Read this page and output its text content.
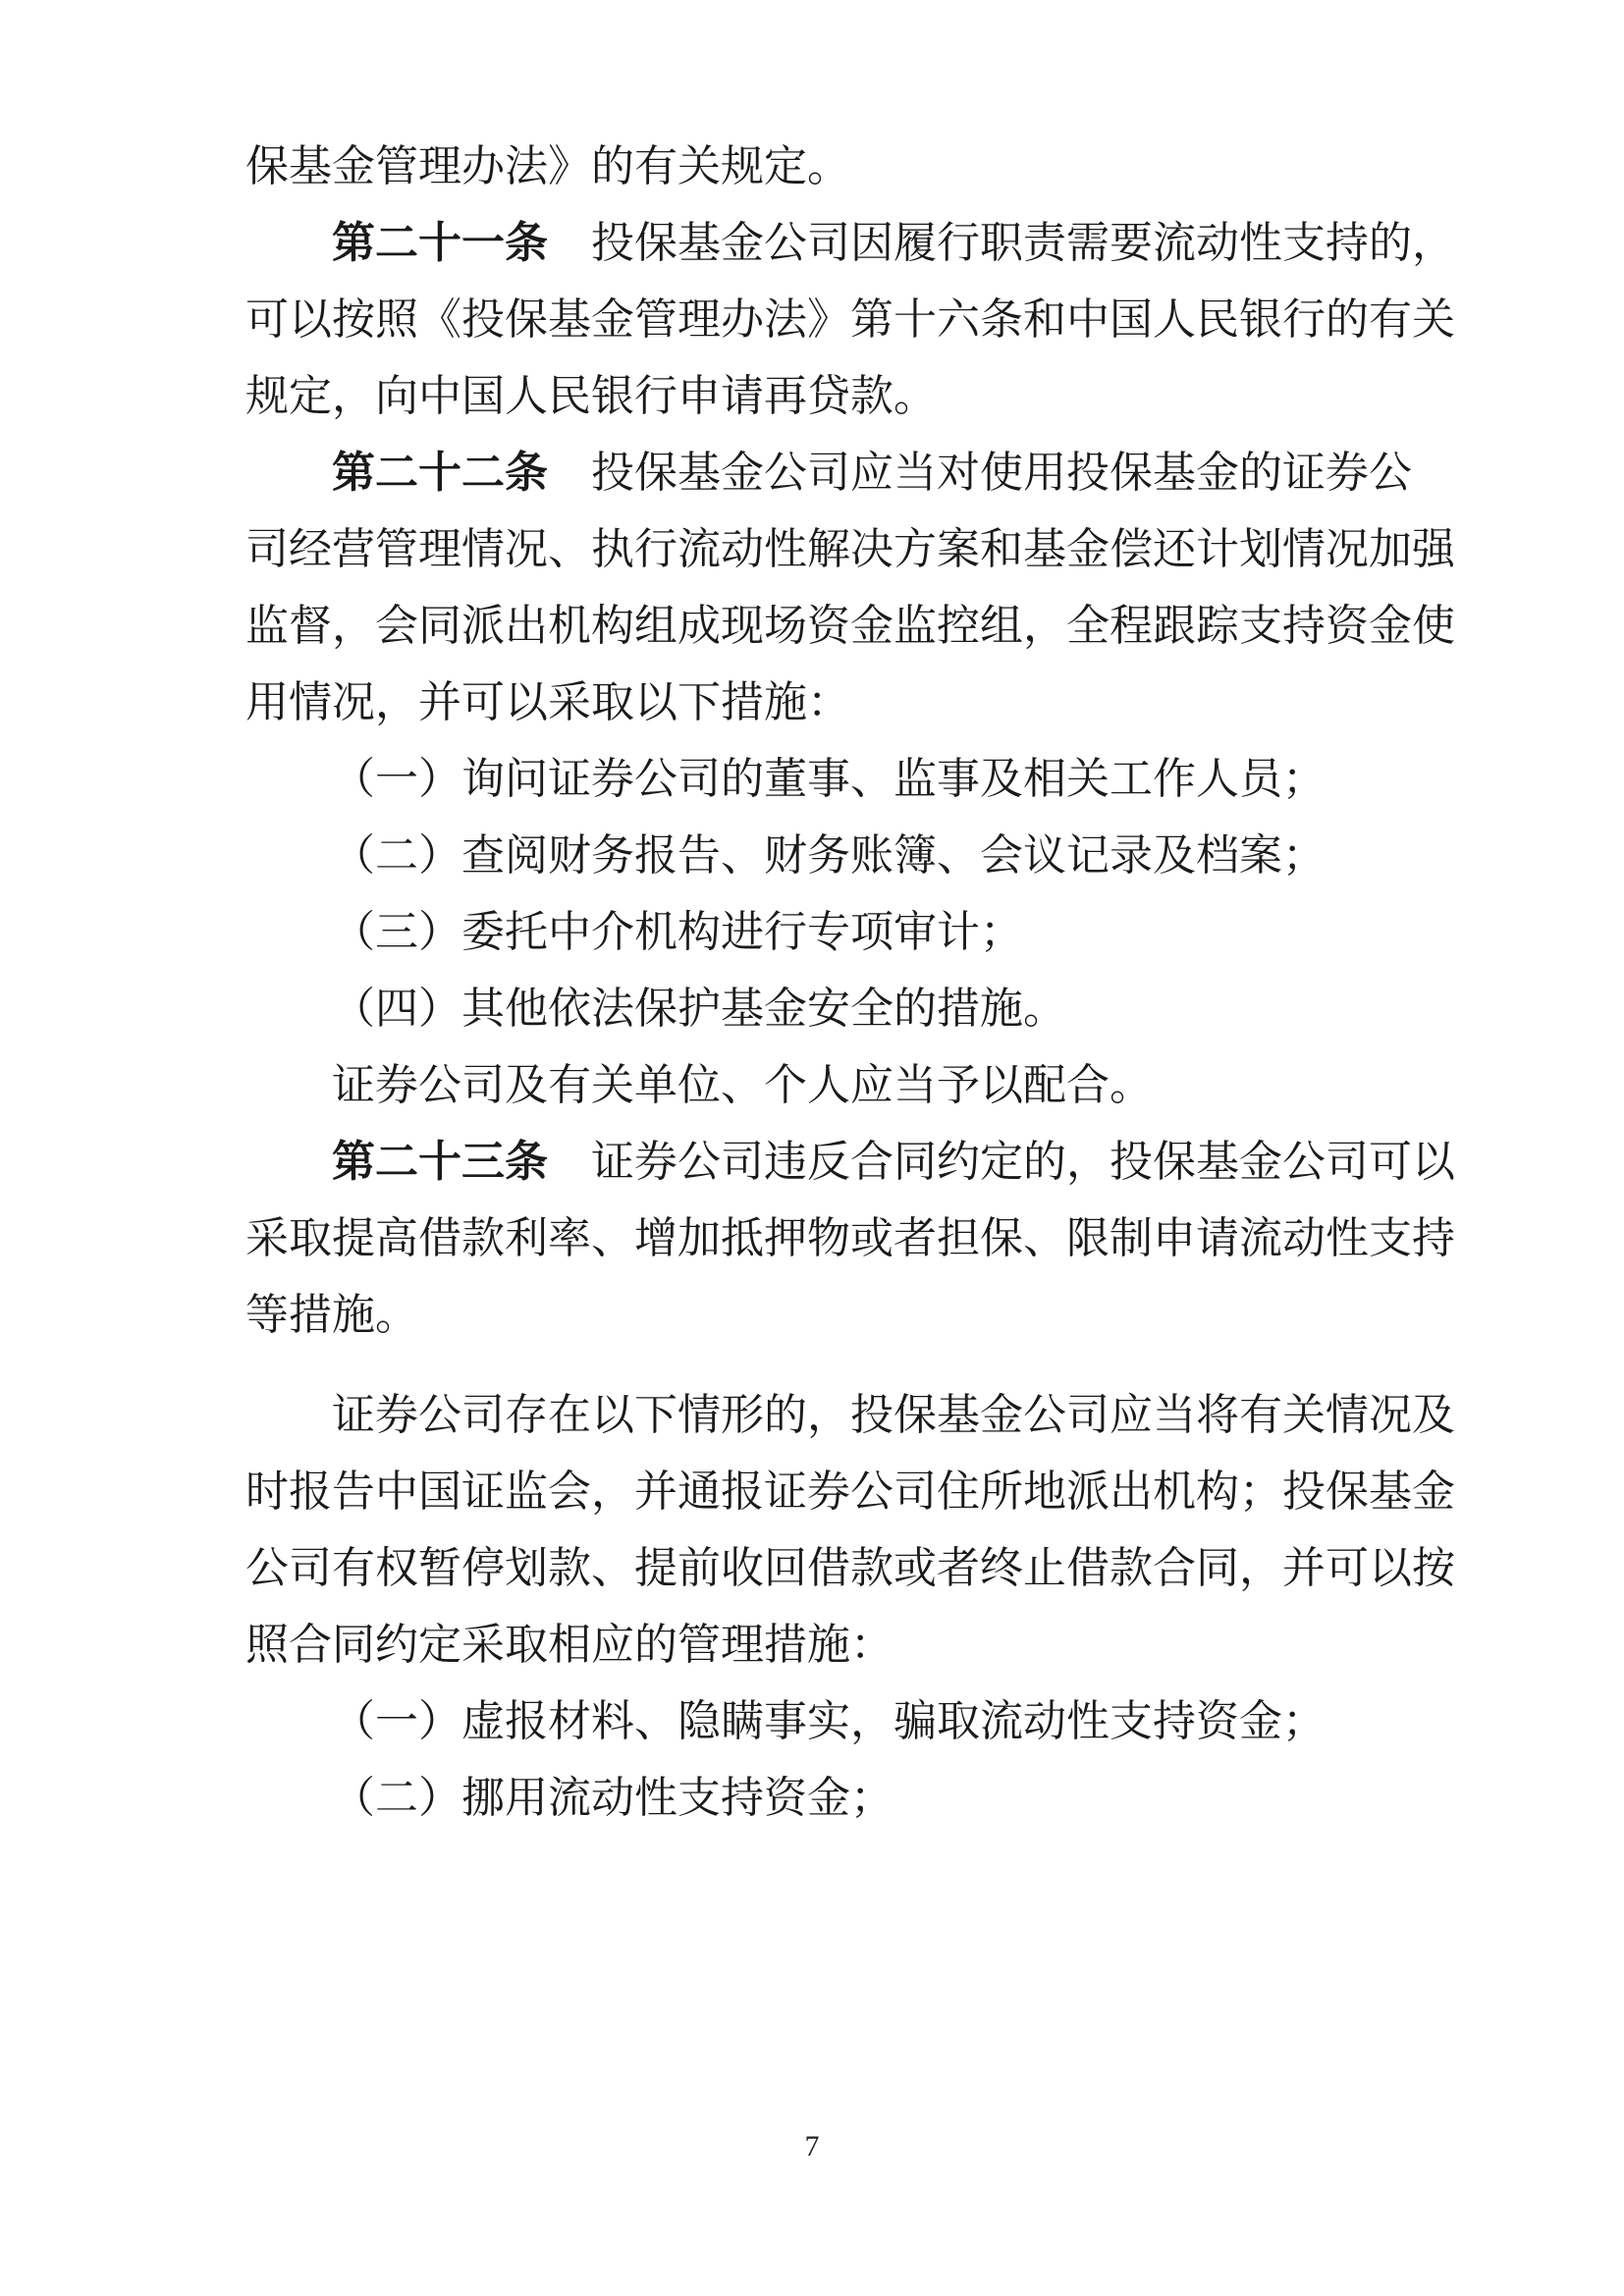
保基金管理办法》的有关规定。
第二十一条 投保基金公司因履行职责需要流动性支持的，
可以按照《投保基金管理办法》第十六条和中国人民银行的有关
规定，向中国人民银行申请再贷款。
第二十二条 投保基金公司应当对使用投保基金的证券公
司经营管理情况、执行流动性解决方案和基金偿还计划情况加强
监督，会同派出机构组成现场资金监控组，全程跟踪支持资金使
用情况，并可以采取以下措施：
（一）询问证券公司的董事、监事及相关工作人员；
（二）查阅财务报告、财务账簿、会议记录及档案；
（三）委托中介机构进行专项审计；
（四）其他依法保护基金安全的措施。
证券公司及有关单位、个人应当予以配合。
第二十三条 证券公司违反合同约定的，投保基金公司可以
采取提高借款利率、增加抵押物或者担保、限制申请流动性支持
等措施。
证券公司存在以下情形的，投保基金公司应当将有关情况及
时报告中国证监会，并通报证券公司住所地派出机构；投保基金
公司有权暂停划款、提前收回借款或者终止借款合同，并可以按
照合同约定采取相应的管理措施：
（一）虚报材料、隐瞒事实，骗取流动性支持资金；
（二）挪用流动性支持资金；
7
